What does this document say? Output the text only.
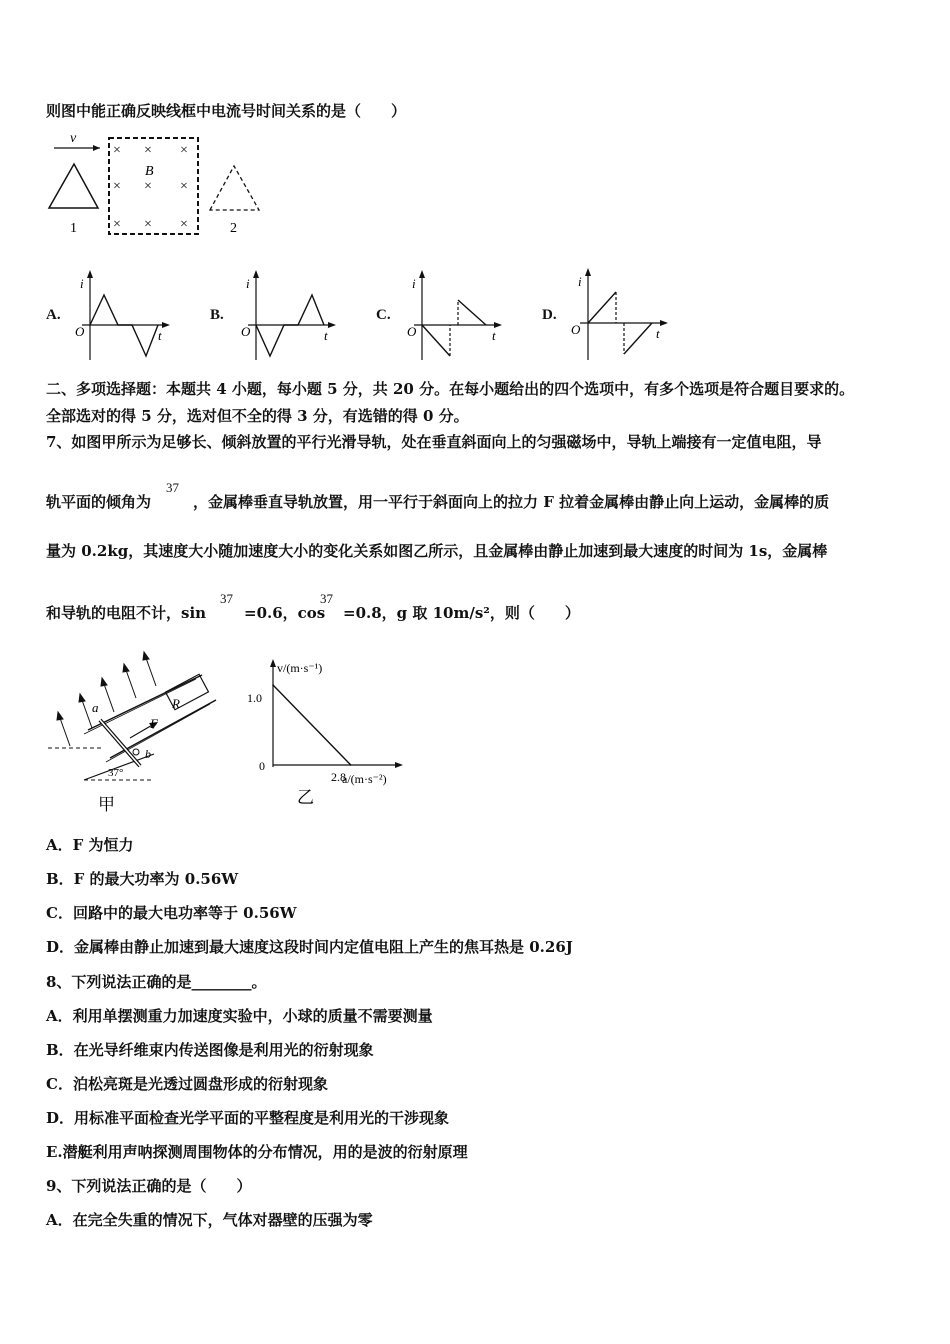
则图中能正确反映线框中电流号时间关系的是（　　）
v
1
× × ×
× × ×
× × ×
B
2
A.
i
O	t
B.
i
O	t
C.
i
O	t
D.
i
O	t
二、多项选择题：本题共 4 小题，每小题 5 分，共 20 分。在每小题给出的四个选项中，有多个选项是符合题目要求的。
全部选对的得 5 分，选对但不全的得 3 分，有选错的得 0 分。
7、如图甲所示为足够长、倾斜放置的平行光滑导轨，处在垂直斜面向上的匀强磁场中，导轨上端接有一定值电阻，导
轨平面的倾角为
37
，金属棒垂直导轨放置，用一平行于斜面向上的拉力 F 拉着金属棒由静止向上运动，金属棒的质
量为 0.2kg，其速度大小随加速度大小的变化关系如图乙所示，且金属棒由静止加速到最大速度的时间为 1s，金属棒
和导轨的电阻不计，sin
37
=0.6，cos
37
=0.8，g 取 10m/s²，则（　　）
37°
R
a
b
F
甲
v/(m·s⁻¹)
a/(m·s⁻²)
1.0
2.8
0
乙
A．F 为恒力
B．F 的最大功率为 0.56W
C．回路中的最大电功率等于 0.56W
D．金属棒由静止加速到最大速度这段时间内定值电阻上产生的焦耳热是 0.26J
8、下列说法正确的是________。
A．利用单摆测重力加速度实验中，小球的质量不需要测量
B．在光导纤维束内传送图像是利用光的衍射现象
C．泊松亮斑是光透过圆盘形成的衍射现象
D．用标准平面检查光学平面的平整程度是利用光的干涉现象
E.潜艇利用声呐探测周围物体的分布情况，用的是波的衍射原理
9、下列说法正确的是（　　）
A．在完全失重的情况下，气体对器壁的压强为零
